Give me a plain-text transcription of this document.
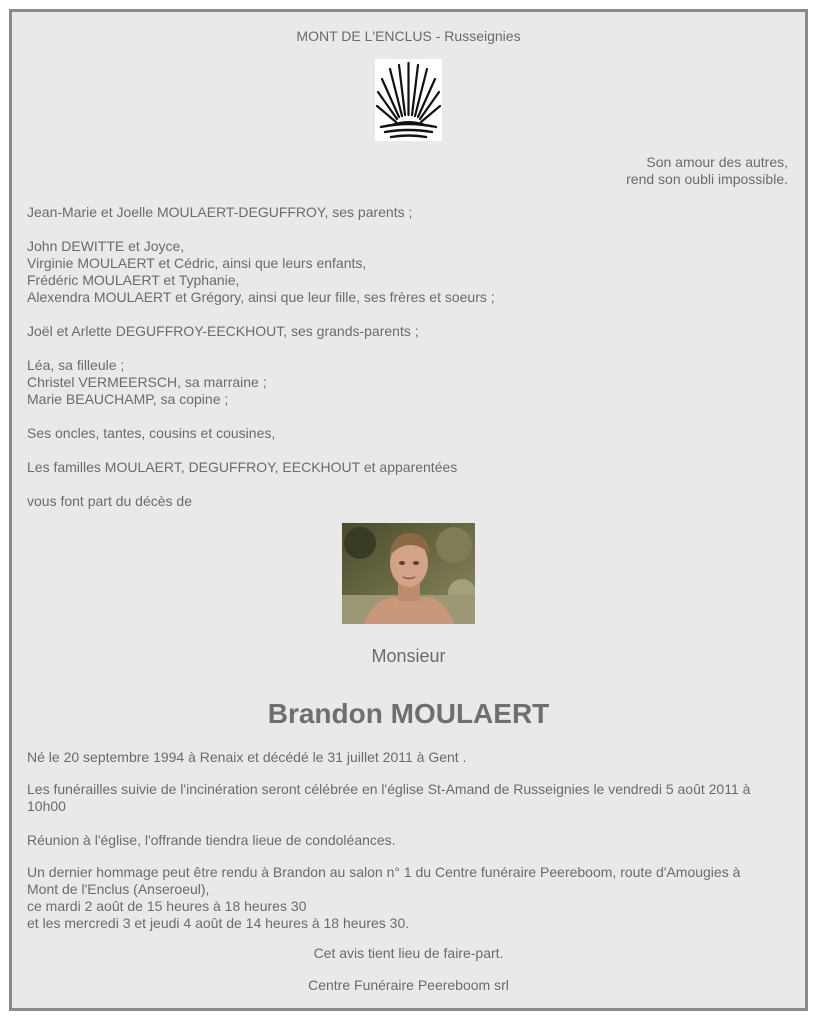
MONT DE L'ENCLUS - Russeignies
Son amour des autres,
rend son oubli impossible.
Jean-Marie et Joelle MOULAERT-DEGUFFROY, ses parents ;
John DEWITTE et Joyce,
Virginie MOULAERT et Cédric, ainsi que leurs enfants,
Frédéric MOULAERT et Typhanie,
Alexendra MOULAERT et Grégory, ainsi que leur fille, ses frères et soeurs ;
Joël et Arlette DEGUFFROY-EECKHOUT, ses grands-parents ;
Léa, sa filleule ;
Christel VERMEERSCH, sa marraine ;
Marie BEAUCHAMP, sa copine ;
Ses oncles, tantes, cousins et cousines,
Les familles MOULAERT, DEGUFFROY, EECKHOUT et apparentées
vous font part du décès de
Monsieur
Brandon MOULAERT
Né le 20 septembre 1994 à Renaix et décédé le 31 juillet 2011 à Gent .
Les funérailles suivie de l'incinération seront célébrée en l'église St-Amand de Russeignies le vendredi 5 août 2011 à
10h00
Réunion à l'église, l'offrande tiendra lieue de condoléances.
Un dernier hommage peut être rendu à Brandon au salon n° 1 du Centre funéraire Peereboom, route d'Amougies à
Mont de l'Enclus (Anseroeul),
ce mardi 2 août de 15 heures à 18 heures 30
et les mercredi 3 et jeudi 4 août de 14 heures à 18 heures 30.
Cet avis tient lieu de faire-part.
Centre Funéraire Peereboom srl
